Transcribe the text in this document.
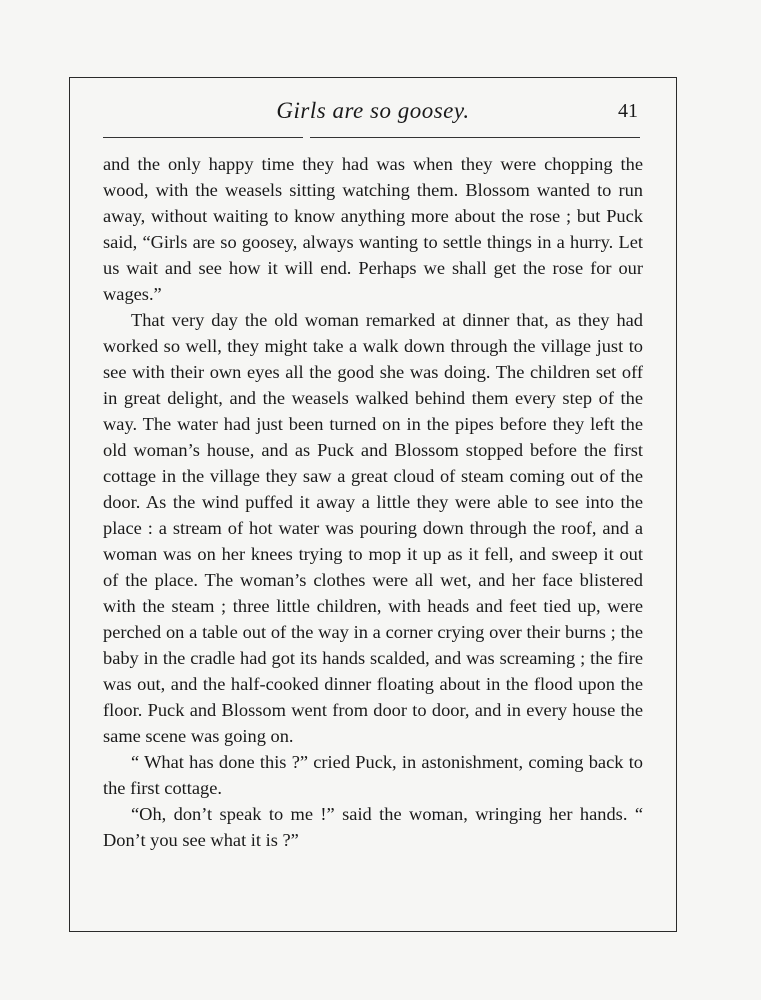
Girls are so goosey.	41

and the only happy time they had was when they were chopping the wood, with the weasels sitting watching them. Blossom wanted to run away, without waiting to know anything more about the rose ; but Puck said, “Girls are so goosey, always wanting to settle things in a hurry. Let us wait and see how it will end. Perhaps we shall get the rose for our wages.”

That very day the old woman remarked at dinner that, as they had worked so well, they might take a walk down through the village just to see with their own eyes all the good she was doing. The children set off in great delight, and the weasels walked behind them every step of the way. The water had just been turned on in the pipes before they left the old woman’s house, and as Puck and Blossom stopped before the first cottage in the village they saw a great cloud of steam coming out of the door. As the wind puffed it away a little they were able to see into the place : a stream of hot water was pouring down through the roof, and a woman was on her knees trying to mop it up as it fell, and sweep it out of the place. The woman’s clothes were all wet, and her face blistered with the steam ; three little children, with heads and feet tied up, were perched on a table out of the way in a corner crying over their burns ; the baby in the cradle had got its hands scalded, and was screaming ; the fire was out, and the half-cooked dinner floating about in the flood upon the floor. Puck and Blossom went from door to door, and in every house the same scene was going on.

“ What has done this ?” cried Puck, in astonishment, coming back to the first cottage.

“Oh, don’t speak to me !” said the woman, wringing her hands. “ Don’t you see what it is ?”
